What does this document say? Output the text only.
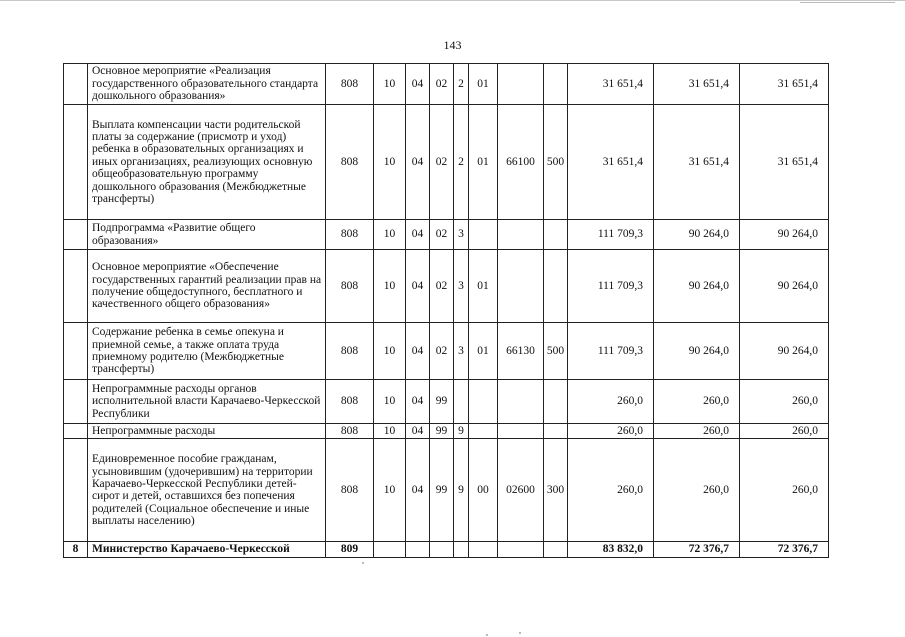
143
	Основное мероприятие «Реализация государственного образовательного стандарта дошкольного образования»	808	10	04	02	2	01			31 651,4	31 651,4	31 651,4
	Выплата компенсации части родительской платы за содержание (присмотр и уход) ребенка в образовательных организациях и иных организациях, реализующих основную общеобразовательную программу дошкольного образования (Межбюджетные трансферты)	808	10	04	02	2	01	66100	500	31 651,4	31 651,4	31 651,4
	Подпрограмма «Развитие общего образования»	808	10	04	02	3				111 709,3	90 264,0	90 264,0
	Основное мероприятие «Обеспечение государственных гарантий реализации прав на получение общедоступного, бесплатного и качественного общего образования»	808	10	04	02	3	01			111 709,3	90 264,0	90 264,0
	Содержание ребенка в семье опекуна и приемной семье, а также оплата труда приемному родителю (Межбюджетные трансферты)	808	10	04	02	3	01	66130	500	111 709,3	90 264,0	90 264,0
	Непрограммные расходы органов исполнительной власти Карачаево-Черкесской Республики	808	10	04	99					260,0	260,0	260,0
	Непрограммные расходы	808	10	04	99	9				260,0	260,0	260,0
	Единовременное пособие гражданам, усыновившим (удочерившим) на территории Карачаево-Черкесской Республики детей-сирот и детей, оставшихся без попечения родителей (Социальное обеспечение и иные выплаты населению)	808	10	04	99	9	00	02600	300	260,0	260,0	260,0
8	Министерство Карачаево-Черкесской	809								83 832,0	72 376,7	72 376,7
